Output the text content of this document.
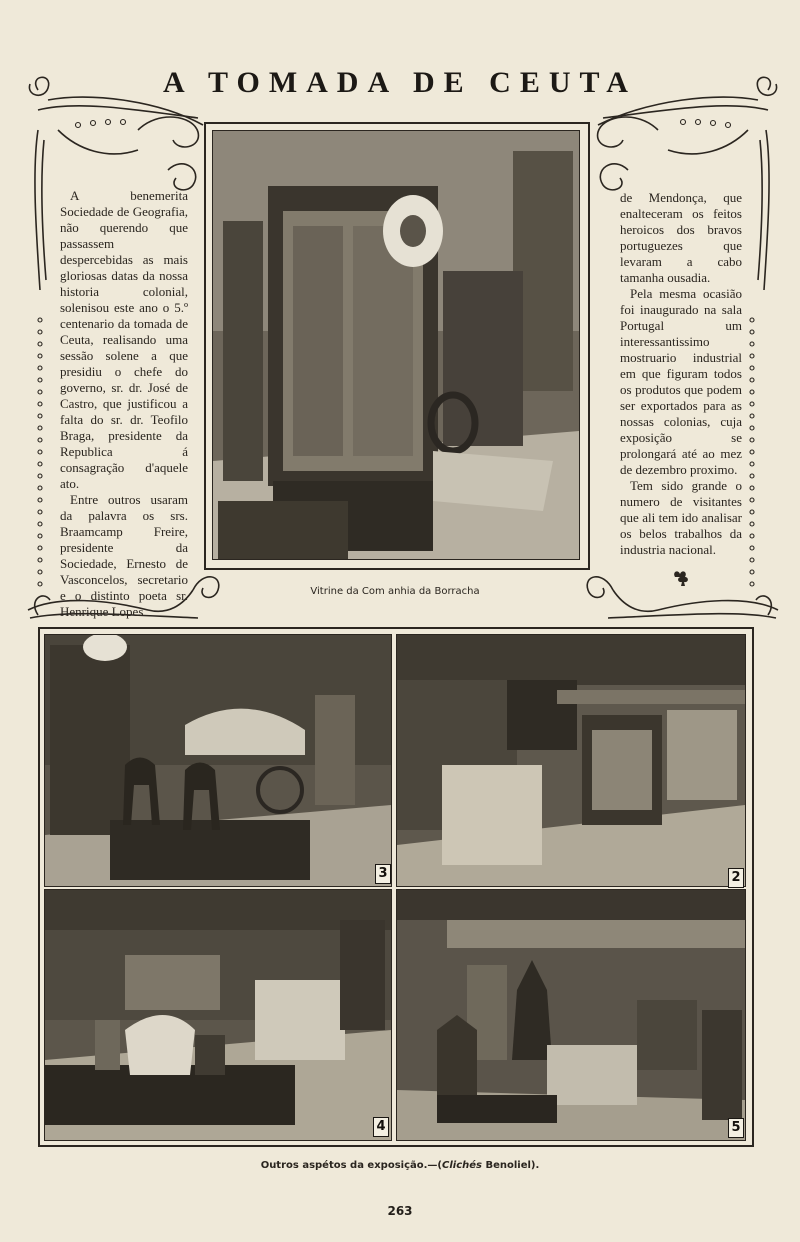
A TOMADA DE CEUTA

A benemerita Sociedade de Geografia, não querendo que passassem despercebidas as mais gloriosas datas da nossa historia colonial, solenisou este ano o 5.º centenario da tomada de Ceuta, realisando uma sessão solene a que presidiu o chefe do governo, sr. dr. José de Castro, que justificou a falta do sr. dr. Teofilo Braga, presidente da Republica á consagração d'aquele ato.

Entre outros usaram da palavra os srs. Braamcamp Freire, presidente da Sociedade, Ernesto de Vasconcelos, secretario e o distinto poeta sr. Henrique Lopes

de Mendonça, que enalteceram os feitos heroicos dos bravos portuguezes que levaram a cabo tamanha ousadia.

Pela mesma ocasião foi inaugurado na sala Portugal um interessantissimo mostruario industrial em que figuram todos os produtos que podem ser exportados para as nossas colonias, cuja exposição se prolongará até ao mez de dezembro proximo.

Tem sido grande o numero de visitantes que ali tem ido analisar os belos trabalhos da industria nacional.

Vitrine da Com anhia da Borracha
3	2
4	5
Outros aspétos da exposição.—(Clichés Benoliel).
263
